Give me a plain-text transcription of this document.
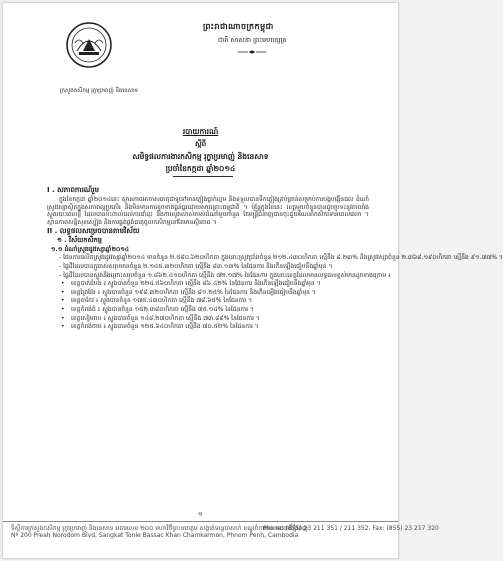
ក្រសួងកសិកម្ម រុក្ខាប្រមាញ់ និងនេសាទ
ព្រះរាជាណាចក្រកម្ពុជា
ជាតិ សាសនា ព្រះមហាក្សត្រ
របាយការណ៍
ស្តីពី
សមិទ្ធផលការងារកសិកម្ម រុក្ខាប្រមាញ់ និងនេសាទ
ប្រចាំខែកក្កដា ឆ្នាំ២០១៤
I . សភាពការណ៍រួម
ក្នុងខែកក្កដា ឆ្នាំ២០១៤នេះ ស្ថានភាពអាកាសធាតុជាទូទៅមានភ្លៀងធ្លាក់ល្មម និងទទួលបានទឹកភ្លៀងគ្រប់គ្រាន់សម្រាប់ការបង្កបង្កើនផល ដំណាំស្រូវវស្សាស្ថិតក្នុងសភាពល្អប្រសើរ និងមិនមានការខូចខាតធ្ងន់ធ្ងរដោយសារគ្រោះធម្មជាតិ ។ ប៉ុន្តែក្នុងខែនេះ ខេត្តមួយចំនួនបានជួបប្រទះនូវភាពរាំងស្ងួតរយៈពេលខ្លី ដែលបានប៉ះពាល់ដល់ការដាំដុះ និងការលូតលាស់របស់ដំណាំមួយចំនួន តែមន្ត្រីជំនាញបានចុះជួយណែនាំកសិករទាន់ពេលវេលា ។ ស្ថានភាពសន្តិសុខស្បៀង និងការផ្គត់ផ្គង់ធាតុចូលកសិកម្មនៅតែមានស្ថិរភាព ។
II . លទ្ធផលសម្រេចបានតាមវិស័យ
១ . វិស័យកសិកម្ម
១.១ ដំណាំស្រូវរដូវវស្សាឆ្នាំ២០១៤
- ផែនការផលិតស្រូវរដូវវស្សាឆ្នាំ២០១៤ មានចំនួន ២.៥៨០.៦២០ហិកតា ក្នុងនោះស្រូវប្រាំងចំនួន ២១២.៤៣០ហិកតា ស្មើនឹង ៨.២៣% និងស្រូវវស្សាចំនួន ២.៣៦៨.១៩០ហិកតា ស្មើនឹង ៩១.៧៧% ។
- ផ្ទៃដីដែលបានភ្ជួររាស់សរុបមានចំនួន ២.១៤៥.៣២០ហិកតា ស្មើនឹង ៨៣.១៣% នៃផែនការ និងកើនឡើងធៀបនឹងឆ្នាំមុន ។
- ផ្ទៃដីដែលបានស្ទូងនិងព្រោះសរុបចំនួន ១.៨៦២.៤១០ហិកតា ស្មើនឹង ៧២.១៧% នៃផែនការ ក្នុងនោះខេត្តដែលមានលទ្ធផលខ្ពស់មានដូចខាងក្រោម ៖
• ខេត្តបាត់ដំបង ៖ ស្ទូងបានចំនួន ២២៤.៥៦០ហិកតា ស្មើនឹង ៨៦.៤២% នៃផែនការ និងកើនឡើងធៀបនឹងឆ្នាំមុន ។
• ខេត្តព្រៃវែង ៖ ស្ទូងបានចំនួន ១៩៨.៣២០ហិកតា ស្មើនឹង ៨១.២៥% នៃផែនការ និងកើនឡើងធៀបនឹងឆ្នាំមុន ។
• ខេត្តតាកែវ ៖ ស្ទូងបានចំនួន ១៧៥.៤៣០ហិកតា ស្មើនឹង ៧៨.៦៥% នៃផែនការ ។
• ខេត្តកំពង់ធំ ៖ ស្ទូងបានចំនួន ១៥២.៣៨០ហិកតា ស្មើនឹង ៧៥.១៤% នៃផែនការ ។
• ខេត្តសៀមរាប ៖ ស្ទូងបានចំនួន ១៤៨.២៧០ហិកតា ស្មើនឹង ៧៣.៨៨% នៃផែនការ ។
• ខេត្តកំពង់ចាម ៖ ស្ទូងបានចំនួន ១២៥.៦៤០ហិកតា ស្មើនឹង ៧០.៥២% នៃផែនការ ។
១
ទីស្តីការក្រសួងកសិកម្ម រុក្ខាប្រមាញ់ និងនេសាទ អគារលេខ ២០០ មហាវិថីព្រះនរោត្តម សង្កាត់ទន្លេបាសាក់ ខណ្ឌចំការមន រាជធានីភ្នំពេញ
Nº 200 Preah Norodom Blvd, Sangkat Tonle Bassac Khan Chamkarmon, Phnom Penh, Cambodia
Phone: (855) 23 211 351 / 211 352, Fax: (855) 23 217 320
